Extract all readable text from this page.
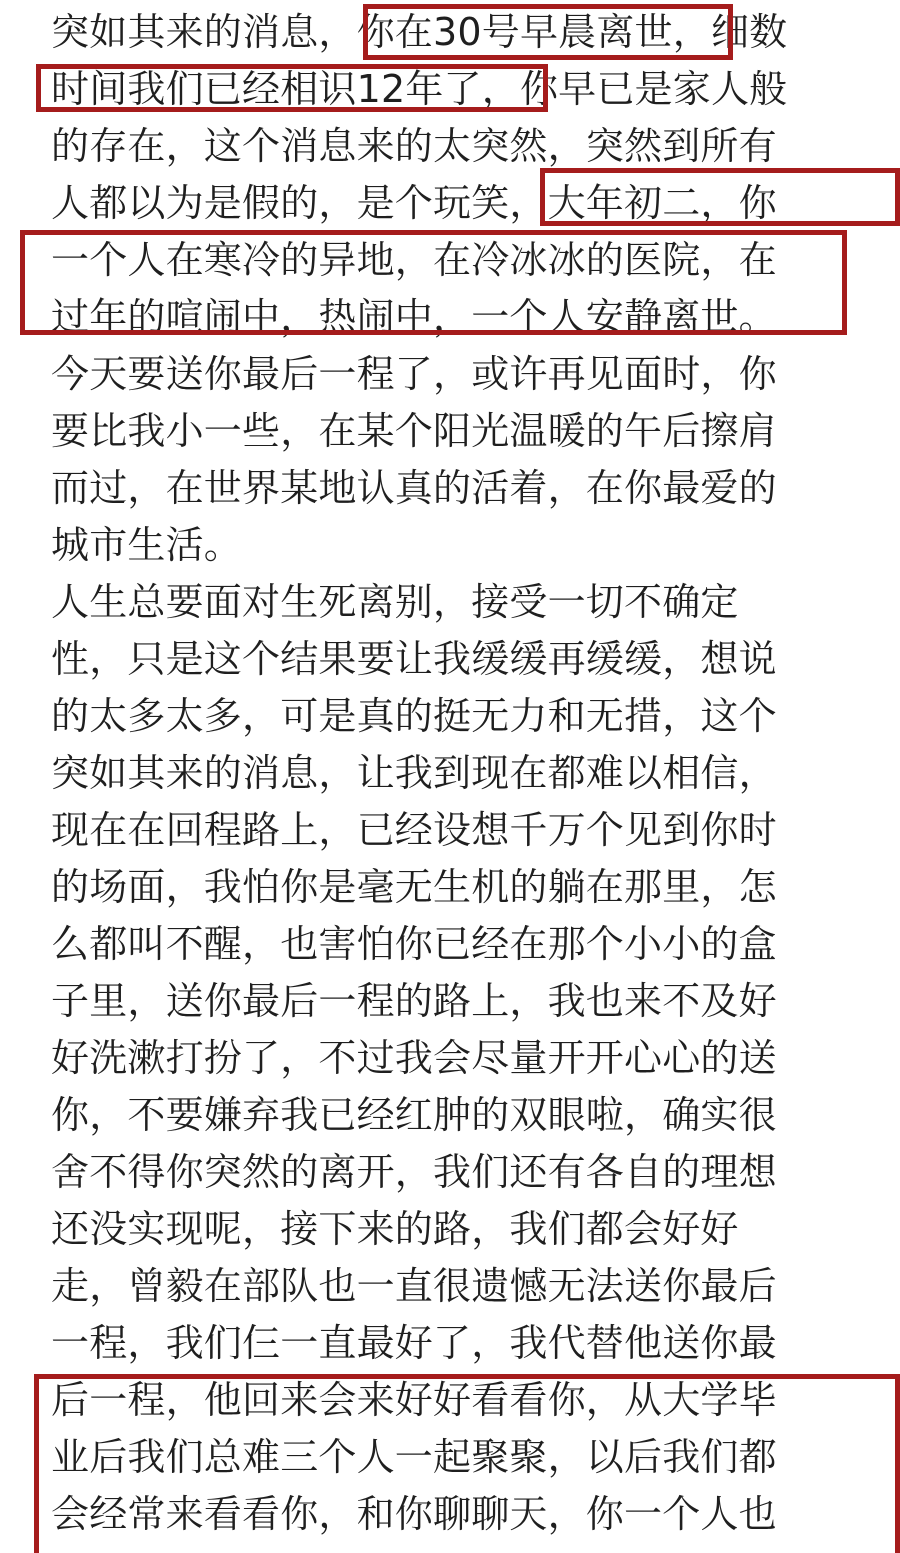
突如其来的消息，你在30号早晨离世，细数
时间我们已经相识12年了，你早已是家人般
的存在，这个消息来的太突然，突然到所有
人都以为是假的，是个玩笑，大年初二，你
一个人在寒冷的异地，在冷冰冰的医院，在
过年的喧闹中，热闹中，一个人安静离世。
今天要送你最后一程了，或许再见面时，你
要比我小一些，在某个阳光温暖的午后擦肩
而过，在世界某地认真的活着，在你最爱的
城市生活。
人生总要面对生死离别，接受一切不确定
性，只是这个结果要让我缓缓再缓缓，想说
的太多太多，可是真的挺无力和无措，这个
突如其来的消息，让我到现在都难以相信，
现在在回程路上，已经设想千万个见到你时
的场面，我怕你是毫无生机的躺在那里，怎
么都叫不醒，也害怕你已经在那个小小的盒
子里，送你最后一程的路上，我也来不及好
好洗漱打扮了，不过我会尽量开开心心的送
你，不要嫌弃我已经红肿的双眼啦，确实很
舍不得你突然的离开，我们还有各自的理想
还没实现呢，接下来的路，我们都会好好
走，曾毅在部队也一直很遗憾无法送你最后
一程，我们仨一直最好了，我代替他送你最
后一程，他回来会来好好看看你，从大学毕
业后我们总难三个人一起聚聚，以后我们都
会经常来看看你，和你聊聊天，你一个人也
